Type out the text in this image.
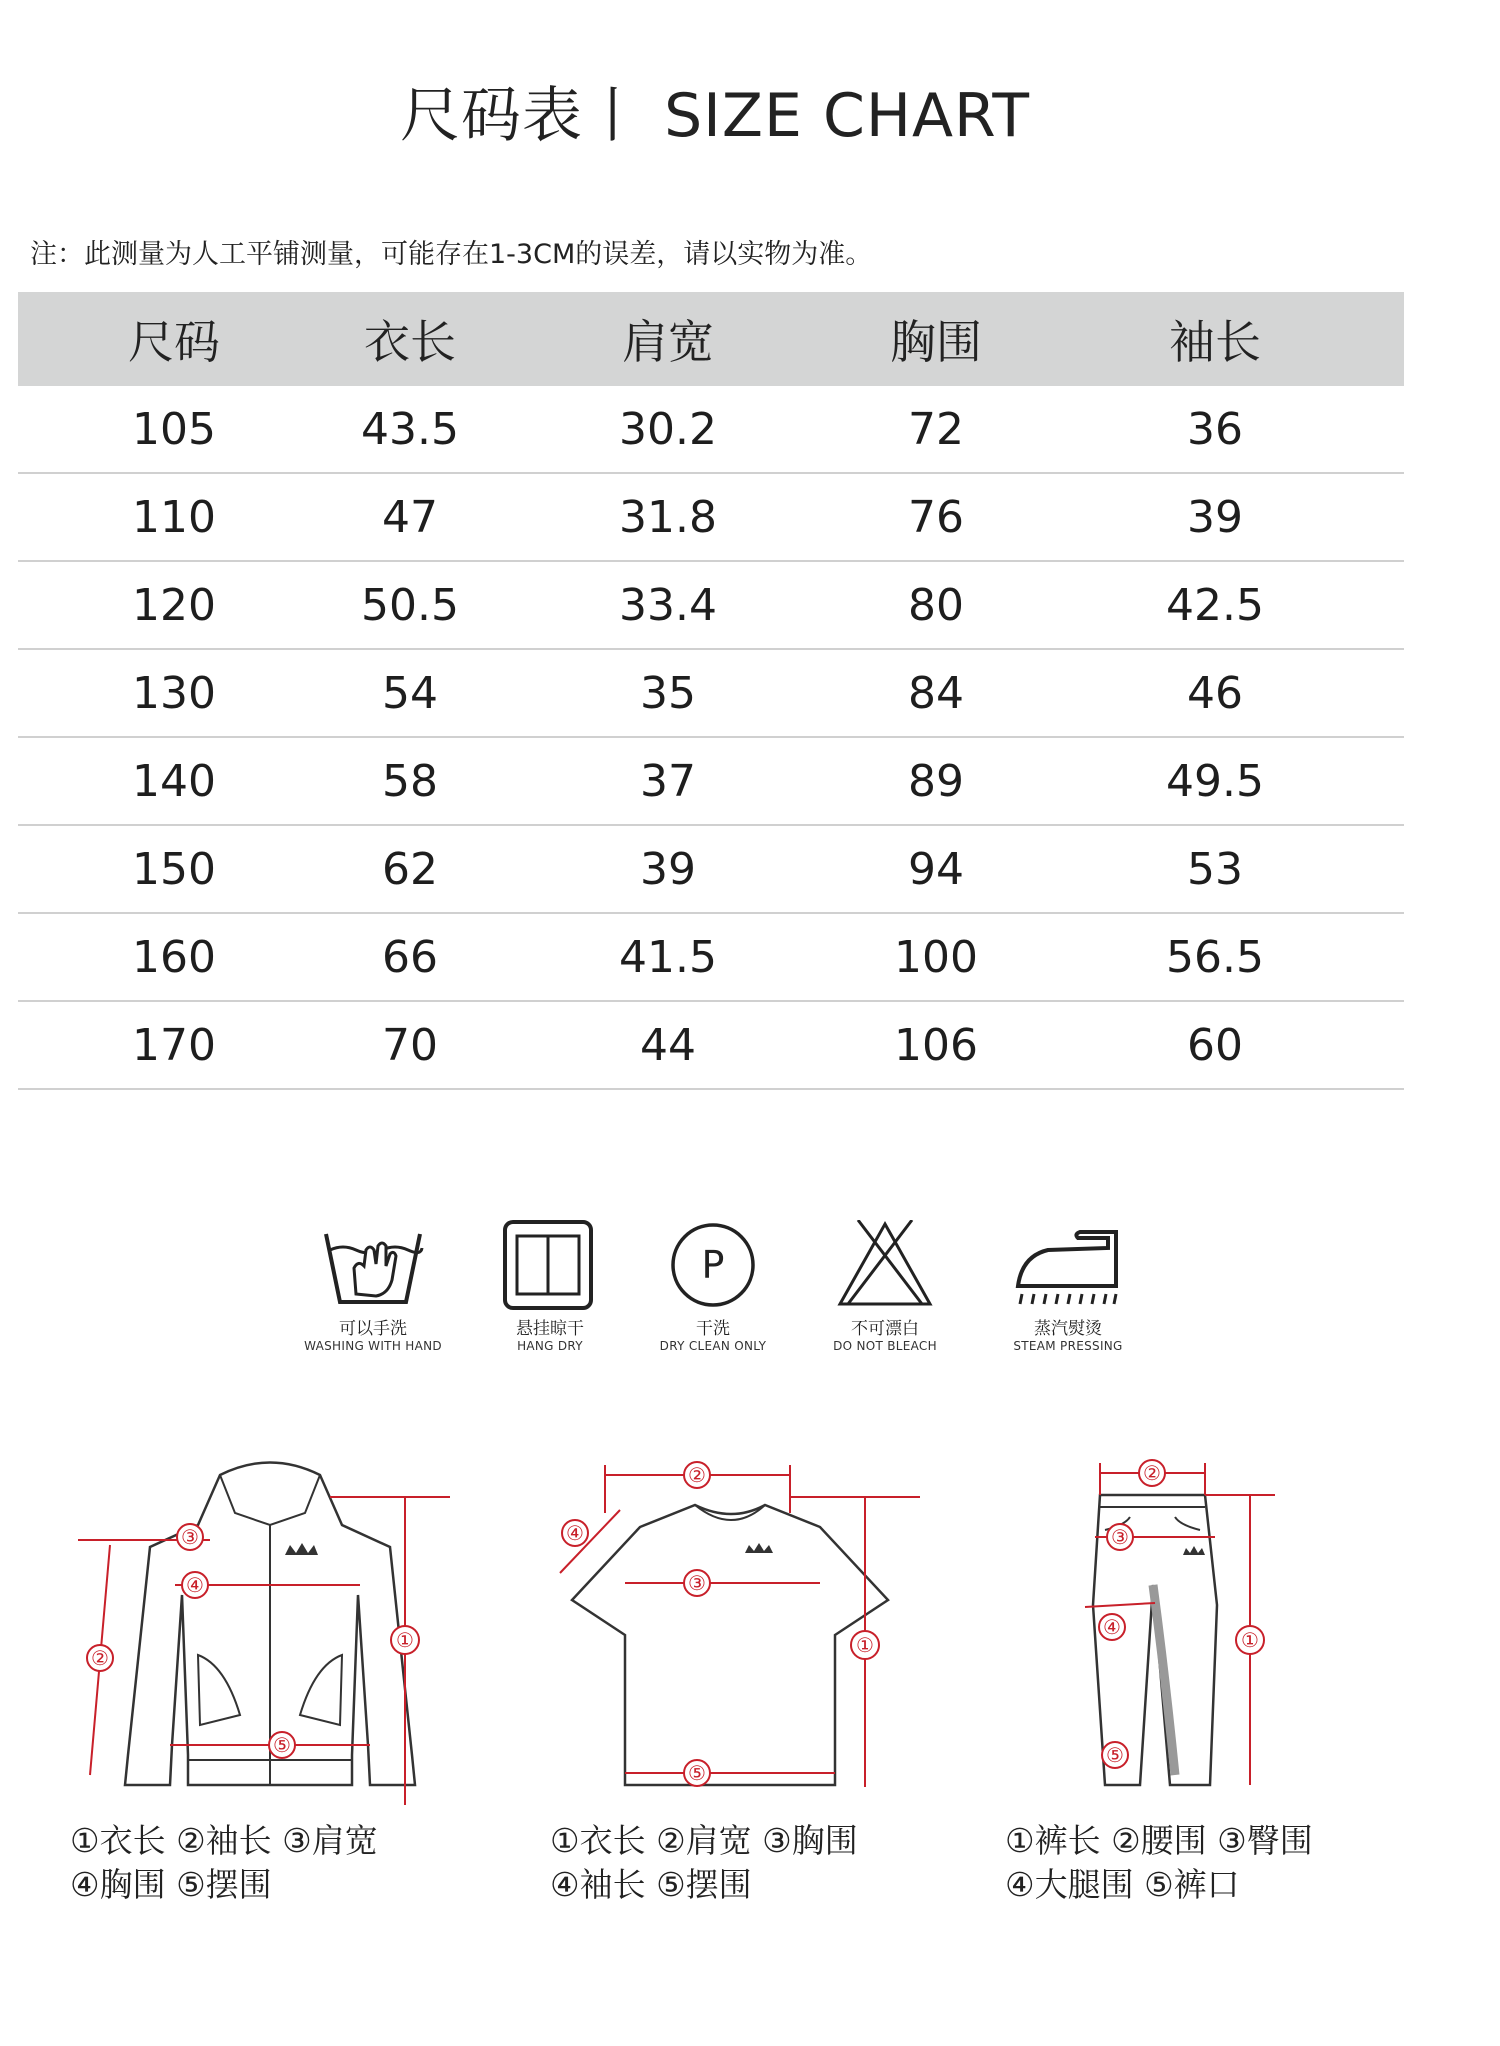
尺码表丨 SIZE CHART
注：此测量为人工平铺测量，可能存在1-3CM的误差，请以实物为准。
尺码	衣长	肩宽	胸围	袖长
105	43.5	30.2	72	36
110	47	31.8	76	39
120	50.5	33.4	80	42.5
130	54	35	84	46
140	58	37	89	49.5
150	62	39	94	53
160	66	41.5	100	56.5
170	70	44	106	60
可以手洗
WASHING WITH HAND
悬挂晾干
HANG DRY
P
干洗
DRY CLEAN ONLY
不可漂白
DO NOT BLEACH
蒸汽熨烫
STEAM PRESSING
③
④
②
①
⑤
①衣长 ②袖长 ③肩宽
④胸围 ⑤摆围
②
④
③
①
⑤
①衣长 ②肩宽 ③胸围
④袖长 ⑤摆围
②
③
④
①
⑤
①裤长 ②腰围 ③臀围
④大腿围 ⑤裤口
